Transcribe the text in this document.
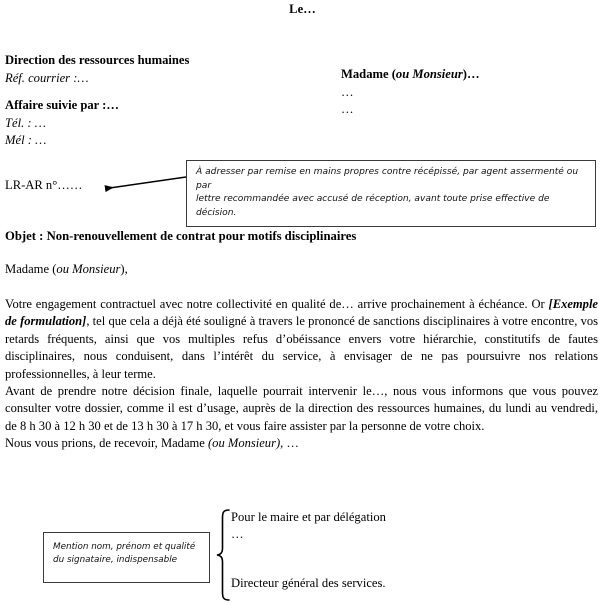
Le…
Direction des ressources humaines
Réf. courrier :…
Affaire suivie par :…
Tél. : …
Mél : …
Madame (ou Monsieur)…
…
…
LR-AR n°……
À adresser par remise en mains propres contre récépissé, par agent assermenté ou par
lettre recommandée avec accusé de réception, avant toute prise effective de décision.
Objet : Non-renouvellement de contrat pour motifs disciplinaires
Madame (ou Monsieur),

Votre engagement contractuel avec notre collectivité en qualité de… arrive prochainement à échéance. Or [Exemple de formulation], tel que cela a déjà été souligné à travers le prononcé de sanctions disciplinaires à votre encontre, vos retards fréquents, ainsi que vos multiples refus d’obéissance envers votre hiérarchie, constitutifs de fautes disciplinaires, nous conduisent, dans l’intérêt du service, à envisager de ne pas poursuivre nos relations professionnelles, à leur terme.

Avant de prendre notre décision finale, laquelle pourrait intervenir le…, nous vous informons que vous pouvez consulter votre dossier, comme il est d’usage, auprès de la direction des ressources humaines, du lundi au vendredi, de 8 h 30 à 12 h 30 et de 13 h 30 à 17 h 30, et vous faire assister par la personne de votre choix.

Nous vous prions, de recevoir, Madame (ou Monsieur), …

Mention nom, prénom et qualité
du signataire, indispensable
Pour le maire et par délégation
…
Directeur général des services.
